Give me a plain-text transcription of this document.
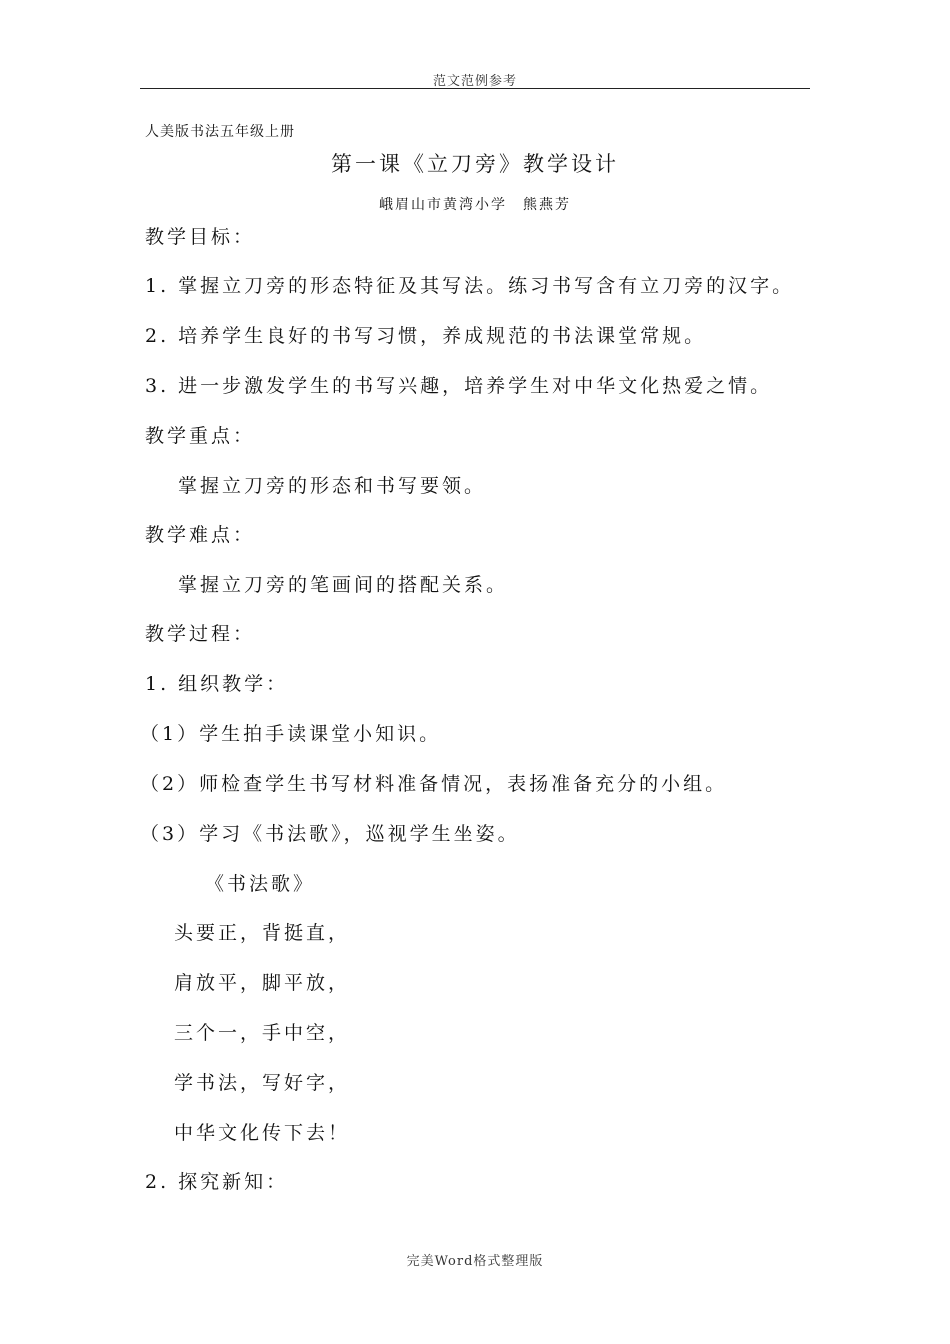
范文范例参考
人美版书法五年级上册
第一课《立刀旁》教学设计
峨眉山市黄湾小学　熊燕芳
教学目标：
1. 掌握立刀旁的形态特征及其写法。练习书写含有立刀旁的汉字。
2. 培养学生良好的书写习惯，养成规范的书法课堂常规。
3. 进一步激发学生的书写兴趣，培养学生对中华文化热爱之情。
教学重点：
掌握立刀旁的形态和书写要领。
教学难点：
掌握立刀旁的笔画间的搭配关系。
教学过程：
1. 组织教学：
（1）学生拍手读课堂小知识。
（2）师检查学生书写材料准备情况，表扬准备充分的小组。
（3）学习《书法歌》，巡视学生坐姿。
《书法歌》
头要正，背挺直，
肩放平，脚平放，
三个一，手中空，
学书法，写好字，
中华文化传下去！
2. 探究新知：
完美Word格式整理版
